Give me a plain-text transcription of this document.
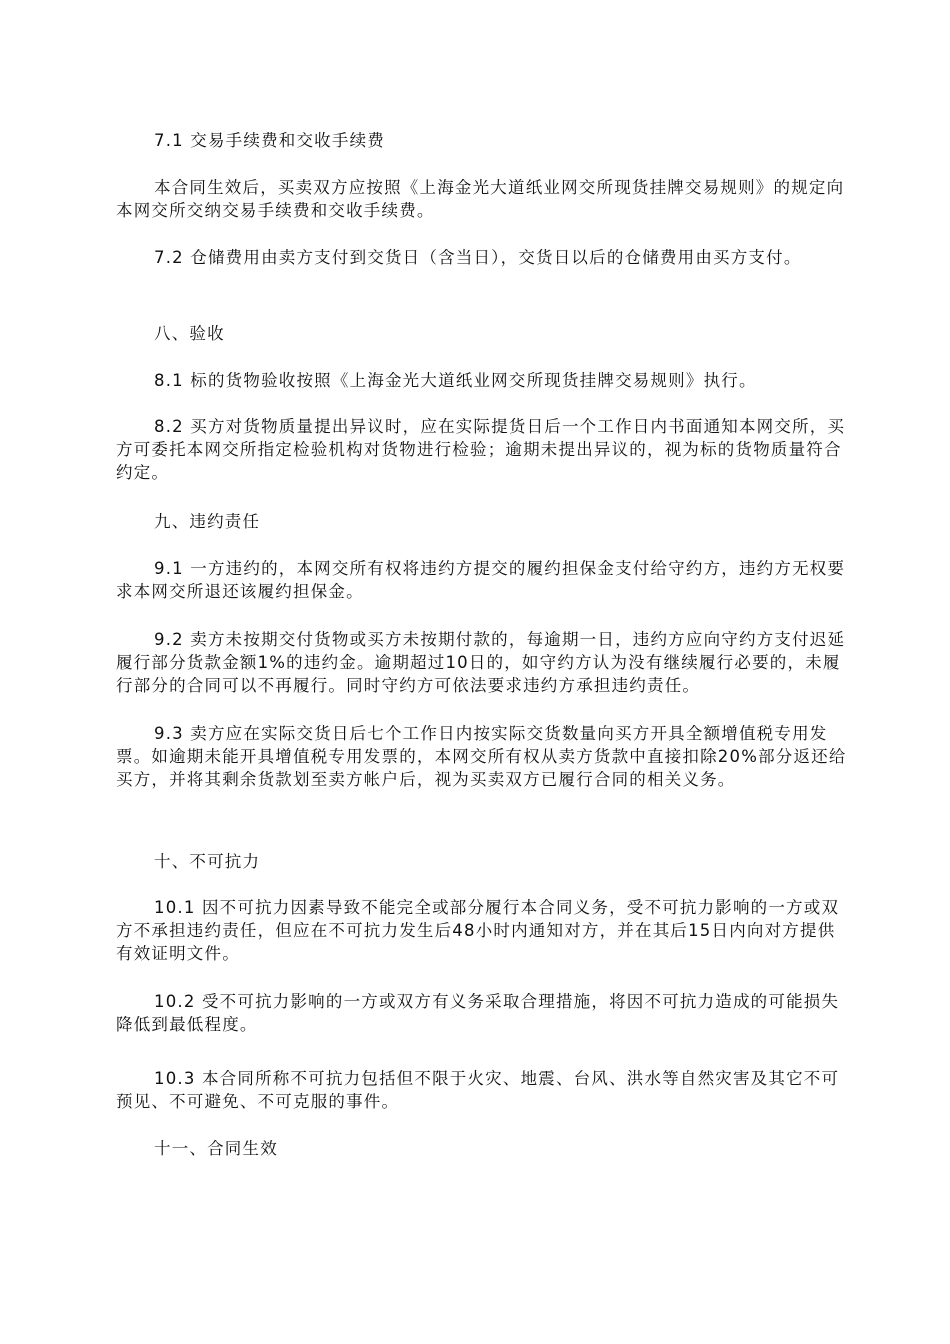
7.1 交易手续费和交收手续费

本合同生效后，买卖双方应按照《上海金光大道纸业网交所现货挂牌交易规则》的规定向本网交所交纳交易手续费和交收手续费。

7.2 仓储费用由卖方支付到交货日（含当日），交货日以后的仓储费用由买方支付。

八、验收

8.1 标的货物验收按照《上海金光大道纸业网交所现货挂牌交易规则》执行。

8.2 买方对货物质量提出异议时，应在实际提货日后一个工作日内书面通知本网交所，买方可委托本网交所指定检验机构对货物进行检验；逾期未提出异议的，视为标的货物质量符合约定。

九、违约责任

9.1 一方违约的，本网交所有权将违约方提交的履约担保金支付给守约方，违约方无权要求本网交所退还该履约担保金。

9.2 卖方未按期交付货物或买方未按期付款的，每逾期一日，违约方应向守约方支付迟延履行部分货款金额1%的违约金。逾期超过10日的，如守约方认为没有继续履行必要的，未履行部分的合同可以不再履行。同时守约方可依法要求违约方承担违约责任。

9.3 卖方应在实际交货日后七个工作日内按实际交货数量向买方开具全额增值税专用发票。如逾期未能开具增值税专用发票的，本网交所有权从卖方货款中直接扣除20%部分返还给买方，并将其剩余货款划至卖方帐户后，视为买卖双方已履行合同的相关义务。

十、不可抗力

10.1 因不可抗力因素导致不能完全或部分履行本合同义务，受不可抗力影响的一方或双方不承担违约责任，但应在不可抗力发生后48小时内通知对方，并在其后15日内向对方提供有效证明文件。

10.2 受不可抗力影响的一方或双方有义务采取合理措施，将因不可抗力造成的可能损失降低到最低程度。

10.3 本合同所称不可抗力包括但不限于火灾、地震、台风、洪水等自然灾害及其它不可预见、不可避免、不可克服的事件。

十一、合同生效
